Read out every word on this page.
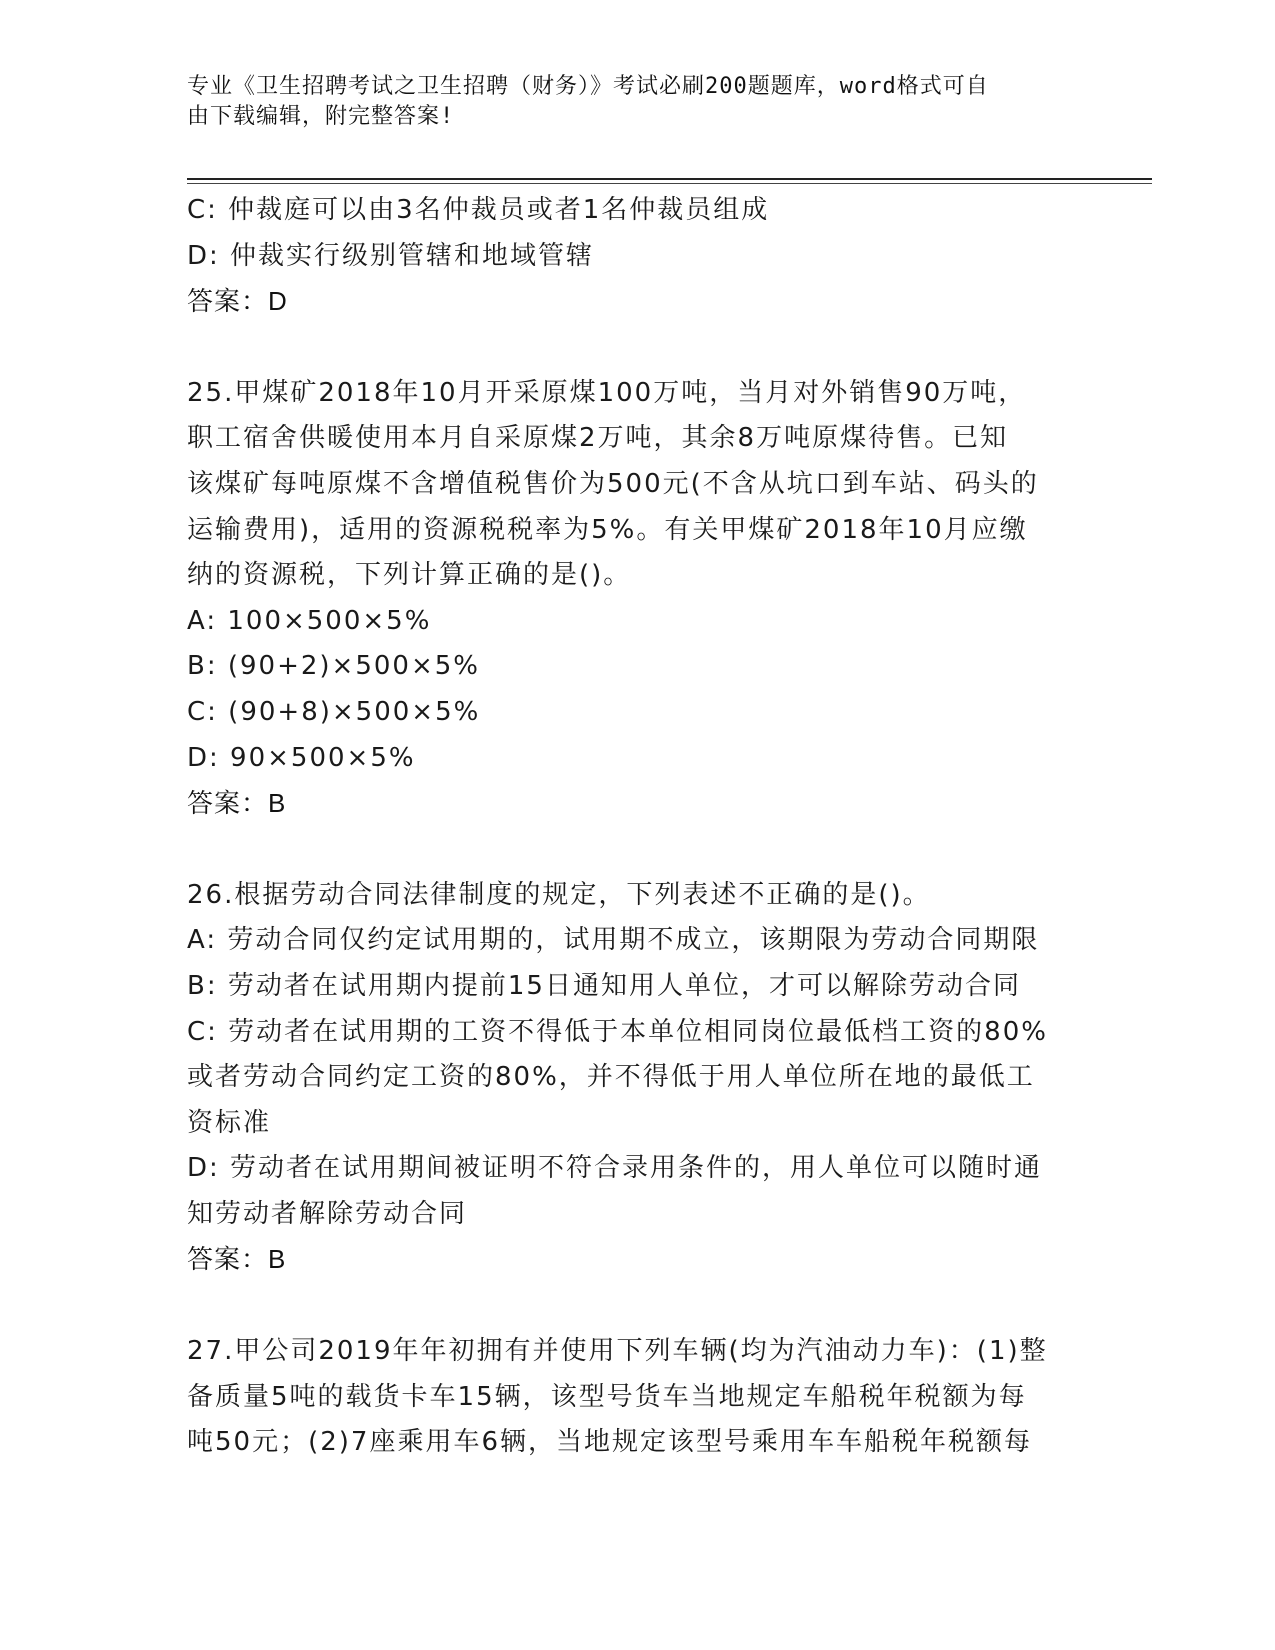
专业《卫生招聘考试之卫生招聘（财务）》考试必刷200题题库，word格式可自
由下载编辑，附完整答案!
C: 仲裁庭可以由3名仲裁员或者1名仲裁员组成
D: 仲裁实行级别管辖和地域管辖
答案：D
25.甲煤矿2018年10月开采原煤100万吨，当月对外销售90万吨，
职工宿舍供暖使用本月自采原煤2万吨，其余8万吨原煤待售。已知
该煤矿每吨原煤不含增值税售价为500元(不含从坑口到车站、码头的
运输费用)，适用的资源税税率为5%。有关甲煤矿2018年10月应缴
纳的资源税，下列计算正确的是()。
A: 100×500×5%
B: (90+2)×500×5%
C: (90+8)×500×5%
D: 90×500×5%
答案：B
26.根据劳动合同法律制度的规定，下列表述不正确的是()。
A: 劳动合同仅约定试用期的，试用期不成立，该期限为劳动合同期限
B: 劳动者在试用期内提前15日通知用人单位，才可以解除劳动合同
C: 劳动者在试用期的工资不得低于本单位相同岗位最低档工资的80%
或者劳动合同约定工资的80%，并不得低于用人单位所在地的最低工
资标准
D: 劳动者在试用期间被证明不符合录用条件的，用人单位可以随时通
知劳动者解除劳动合同
答案：B
27.甲公司2019年年初拥有并使用下列车辆(均为汽油动力车)：(1)整
备质量5吨的载货卡车15辆，该型号货车当地规定车船税年税额为每
吨50元；(2)7座乘用车6辆，当地规定该型号乘用车车船税年税额每
